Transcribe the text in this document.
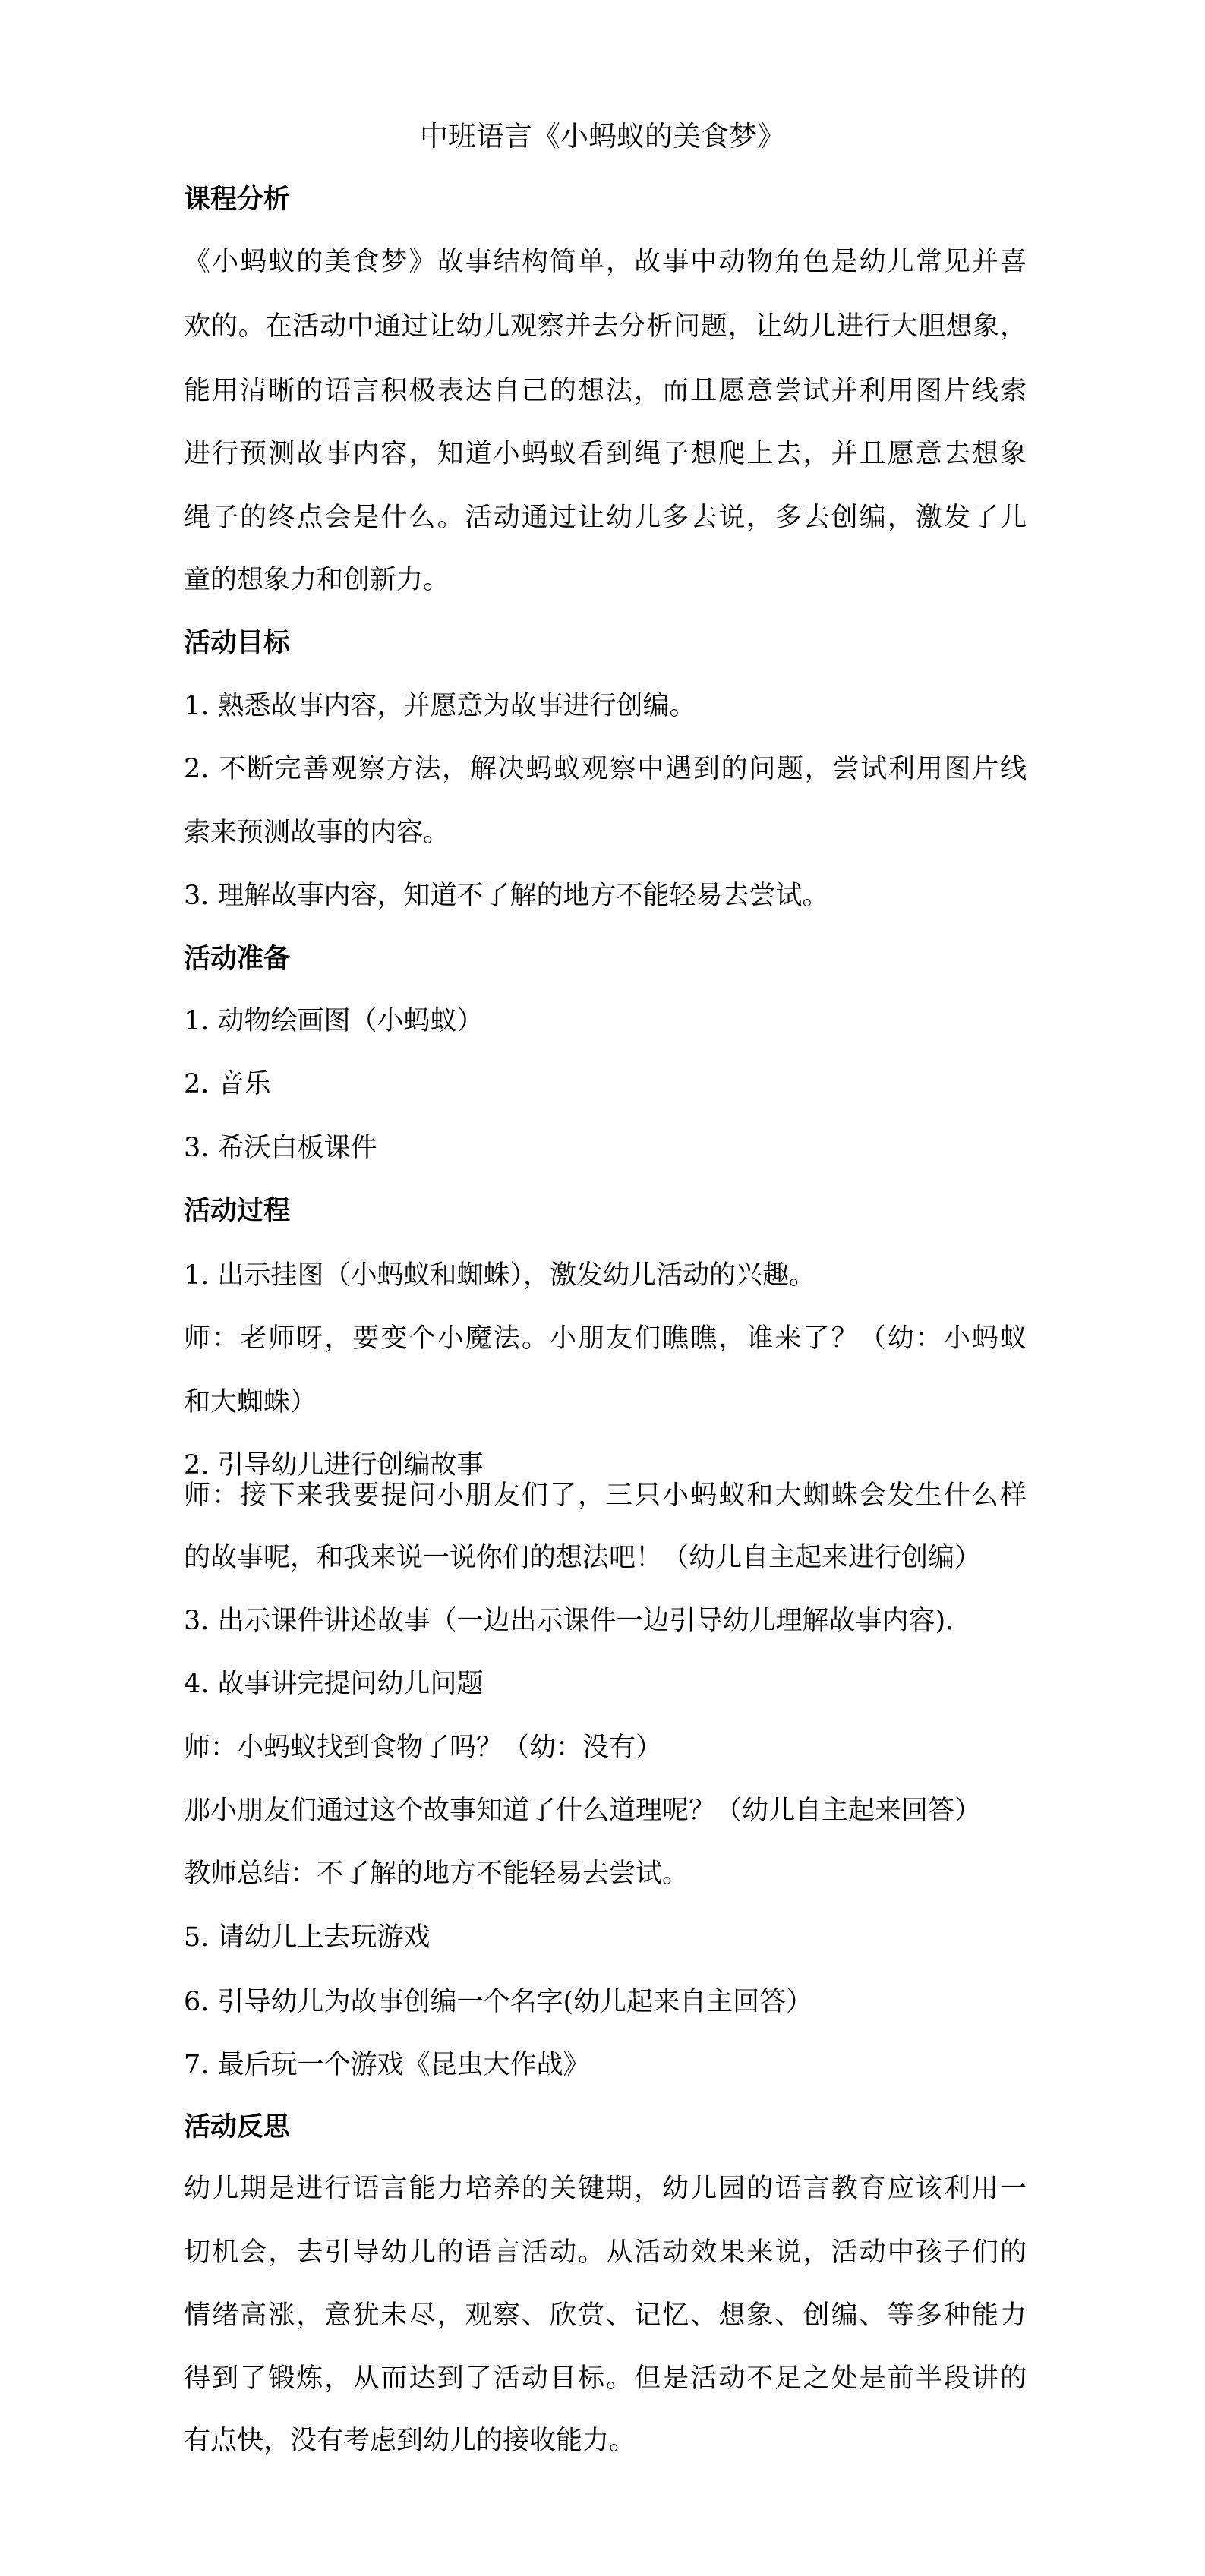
中班语言《小蚂蚁的美食梦》
课程分析
《小蚂蚁的美食梦》故事结构简单，故事中动物角色是幼儿常见并喜
欢的。在活动中通过让幼儿观察并去分析问题，让幼儿进行大胆想象，
能用清晰的语言积极表达自己的想法，而且愿意尝试并利用图片线索
进行预测故事内容，知道小蚂蚁看到绳子想爬上去，并且愿意去想象
绳子的终点会是什么。活动通过让幼儿多去说，多去创编，激发了儿
童的想象力和创新力。
活动目标
1. 熟悉故事内容，并愿意为故事进行创编。
2. 不断完善观察方法，解决蚂蚁观察中遇到的问题，尝试利用图片线
索来预测故事的内容。
3. 理解故事内容，知道不了解的地方不能轻易去尝试。
活动准备
1. 动物绘画图（小蚂蚁）
2. 音乐
3. 希沃白板课件
活动过程
1. 出示挂图（小蚂蚁和蜘蛛），激发幼儿活动的兴趣。
师：老师呀，要变个小魔法。小朋友们瞧瞧，谁来了？（幼：小蚂蚁
和大蜘蛛）
2. 引导幼儿进行创编故事
师：接下来我要提问小朋友们了，三只小蚂蚁和大蜘蛛会发生什么样
的故事呢，和我来说一说你们的想法吧！（幼儿自主起来进行创编）
3. 出示课件讲述故事（一边出示课件一边引导幼儿理解故事内容).
4. 故事讲完提问幼儿问题
师：小蚂蚁找到食物了吗？（幼：没有）
那小朋友们通过这个故事知道了什么道理呢？（幼儿自主起来回答）
教师总结：不了解的地方不能轻易去尝试。
5. 请幼儿上去玩游戏
6. 引导幼儿为故事创编一个名字(幼儿起来自主回答）
7. 最后玩一个游戏《昆虫大作战》
活动反思
幼儿期是进行语言能力培养的关键期，幼儿园的语言教育应该利用一
切机会，去引导幼儿的语言活动。从活动效果来说，活动中孩子们的
情绪高涨，意犹未尽，观察、欣赏、记忆、想象、创编、等多种能力
得到了锻炼，从而达到了活动目标。但是活动不足之处是前半段讲的
有点快，没有考虑到幼儿的接收能力。
